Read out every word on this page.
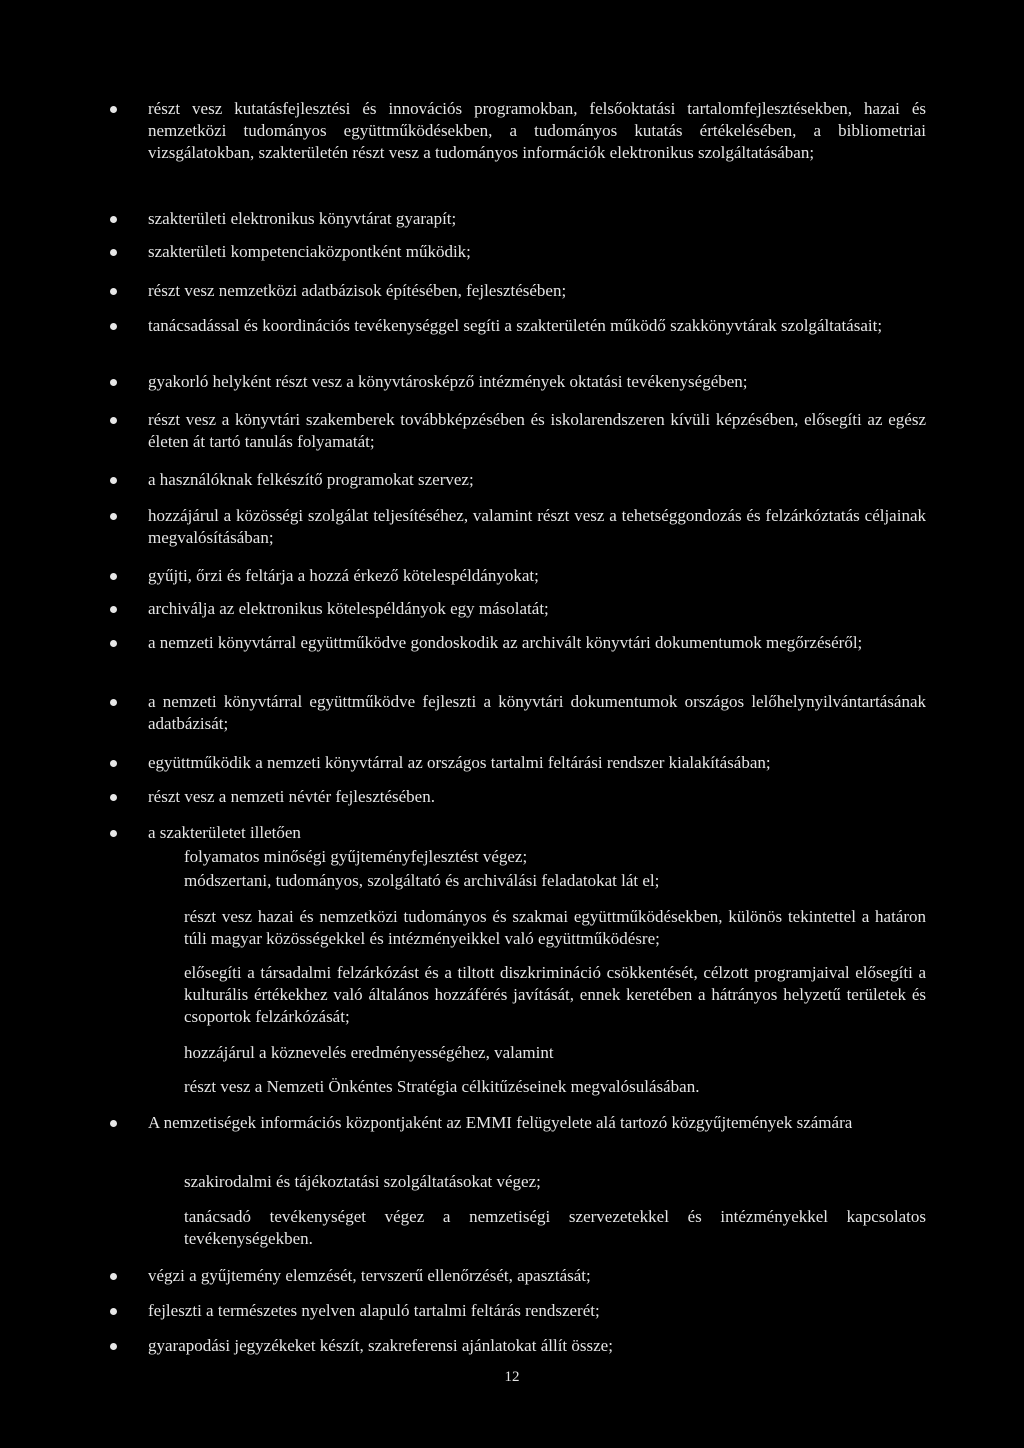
részt vesz kutatásfejlesztési és innovációs programokban, felsőoktatási tartalomfejlesztésekben, hazai és nemzetközi tudományos együttműködésekben, a tudományos kutatás értékelésében, a bibliometriai vizsgálatokban, szakterületén részt vesz a tudományos információk elektronikus szolgáltatásában;

szakterületi elektronikus könyvtárat gyarapít;

szakterületi kompetenciaközpontként működik;

részt vesz nemzetközi adatbázisok építésében, fejlesztésében;

tanácsadással és koordinációs tevékenységgel segíti a szakterületén működő szakkönyvtárak szolgáltatásait;

gyakorló helyként részt vesz a könyvtárosképző intézmények oktatási tevékenységében;

részt vesz a könyvtári szakemberek továbbképzésében és iskolarendszeren kívüli képzésében, elősegíti az egész életen át tartó tanulás folyamatát;

a használóknak felkészítő programokat szervez;

hozzájárul a közösségi szolgálat teljesítéséhez, valamint részt vesz a tehetséggondozás és felzárkóztatás céljainak megvalósításában;

gyűjti, őrzi és feltárja a hozzá érkező kötelespéldányokat;

archiválja az elektronikus kötelespéldányok egy másolatát;

a nemzeti könyvtárral együttműködve gondoskodik az archivált könyvtári dokumentumok megőrzéséről;

a nemzeti könyvtárral együttműködve fejleszti a könyvtári dokumentumok országos lelőhelynyilvántartásának adatbázisát;

együttműködik a nemzeti könyvtárral az országos tartalmi feltárási rendszer kialakításában;

részt vesz a nemzeti névtér fejlesztésében.

a szakterületet illetően

folyamatos minőségi gyűjteményfejlesztést végez;

módszertani, tudományos, szolgáltató és archiválási feladatokat lát el;

részt vesz hazai és nemzetközi tudományos és szakmai együttműködésekben, különös tekintettel a határon túli magyar közösségekkel és intézményeikkel való együttműködésre;

elősegíti a társadalmi felzárkózást és a tiltott diszkrimináció csökkentését, célzott programjaival elősegíti a kulturális értékekhez való általános hozzáférés javítását, ennek keretében a hátrányos helyzetű területek és csoportok felzárkózását;

hozzájárul a köznevelés eredményességéhez, valamint

részt vesz a Nemzeti Önkéntes Stratégia célkitűzéseinek megvalósulásában.

A nemzetiségek információs központjaként az EMMI felügyelete alá tartozó közgyűjtemények számára

szakirodalmi és tájékoztatási szolgáltatásokat végez;

tanácsadó tevékenységet végez a nemzetiségi szervezetekkel és intézményekkel kapcsolatos tevékenységekben.

végzi a gyűjtemény elemzését, tervszerű ellenőrzését, apasztását;

fejleszti a természetes nyelven alapuló tartalmi feltárás rendszerét;

gyarapodási jegyzékeket készít, szakreferensi ajánlatokat állít össze;

12
